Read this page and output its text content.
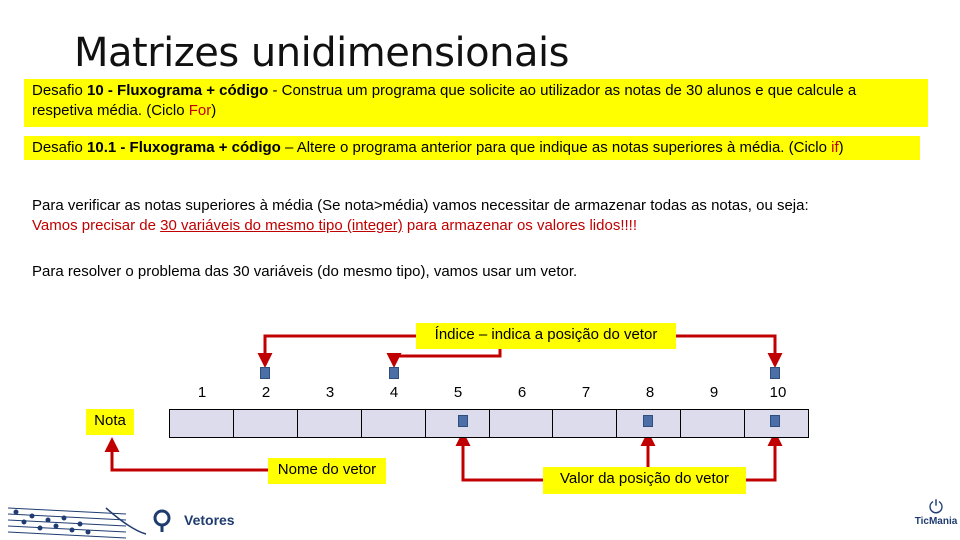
Matrizes unidimensionais
Desafio 10 - Fluxograma + código - Construa um programa que solicite ao utilizador as notas de 30 alunos e que calcule a respetiva média. (Ciclo For)
Desafio 10.1 - Fluxograma + código – Altere o programa anterior para que indique as notas superiores à média. (Ciclo if)
Para verificar as notas superiores à média (Se nota>média) vamos necessitar de armazenar todas as notas, ou seja:
Vamos precisar de 30 variáveis do mesmo tipo (integer) para armazenar os valores lidos!!!!
Para resolver o problema das 30 variáveis (do mesmo tipo), vamos usar um vetor.
Índice – indica a posição do vetor
1	2	3	4	5	6	7	8	9	10
Nota
Nome do vetor
Valor da posição do vetor
Vetores
⏻
TicMania
